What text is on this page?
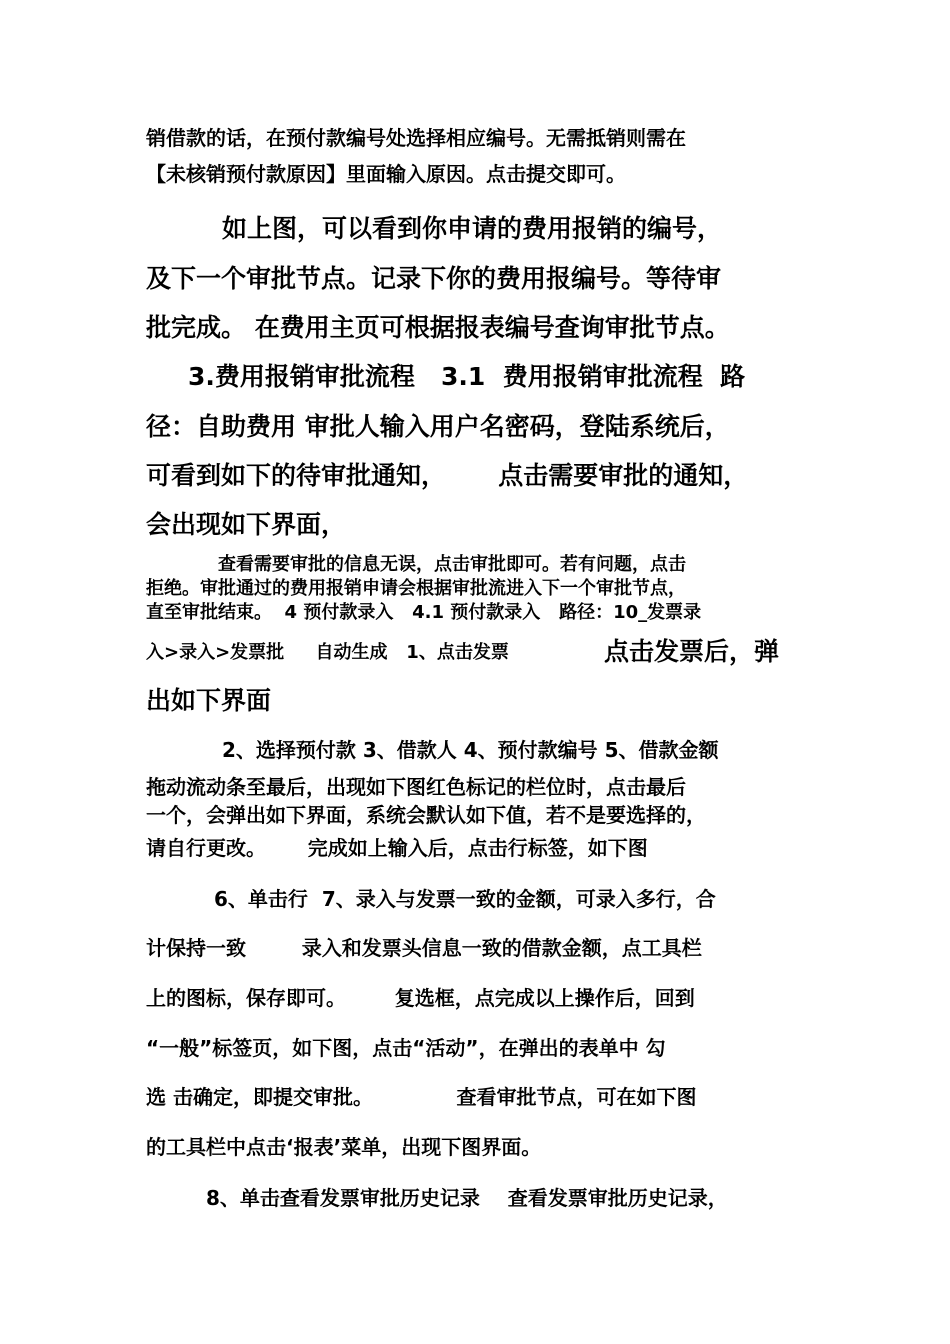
销借款的话，在预付款编号处选择相应编号。无需抵销则需在
【未核销预付款原因】里面输入原因。点击提交即可。
如上图，可以看到你申请的费用报销的编号，
及下一个审批节点。记录下你的费用报编号。等待审
批完成。 在费用主页可根据报表编号查询审批节点。
3.费用报销审批流程   3.1  费用报销审批流程  路
径：自助费用 审批人输入用户名密码，登陆系统后，
可看到如下的待审批通知，      点击需要审批的通知，
会出现如下界面，
查看需要审批的信息无误，点击审批即可。若有问题，点击
拒绝。审批通过的费用报销申请会根据审批流进入下一个审批节点，
直至审批结束。  4 预付款录入   4.1 预付款录入   路径：10_发票录
入>录入>发票批     自动生成   1、点击发票	点击发票后，弹
出如下界面
2、选择预付款 3、借款人 4、预付款编号 5、借款金额
拖动流动条至最后，出现如下图红色标记的栏位时，点击最后
一个，会弹出如下界面，系统会默认如下值，若不是要选择的，
请自行更改。      完成如上输入后，点击行标签，如下图
6、单击行  7、录入与发票一致的金额，可录入多行，合
计保持一致        录入和发票头信息一致的借款金额，点工具栏
上的图标，保存即可。       复选框，点完成以上操作后，回到
“一般”标签页，如下图，点击“活动”，在弹出的表单中 勾
选 击确定，即提交审批。            查看审批节点，可在如下图
的工具栏中点击‘报表’菜单，出现下图界面。
8、单击查看发票审批历史记录    查看发票审批历史记录，
